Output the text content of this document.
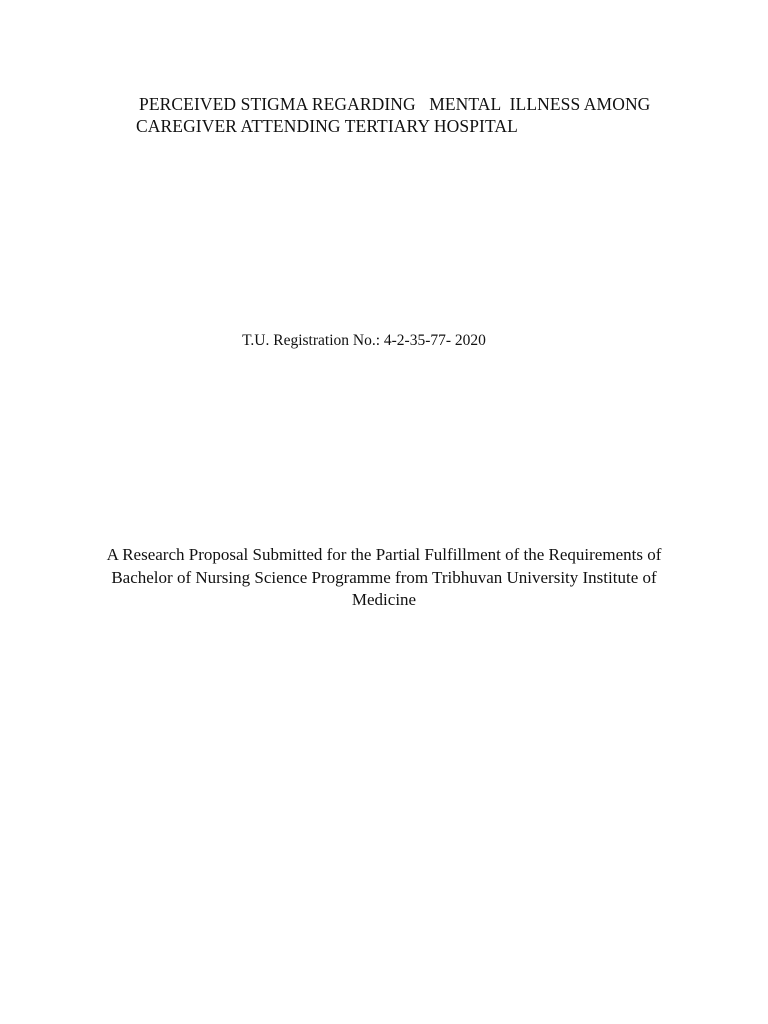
PERCEIVED STIGMA REGARDING   MENTAL  ILLNESS AMONG
CAREGIVER ATTENDING TERTIARY HOSPITAL
T.U. Registration No.: 4-2-35-77- 2020
A Research Proposal Submitted for the Partial Fulfillment of the Requirements of
Bachelor of Nursing Science Programme from Tribhuvan University Institute of
Medicine
